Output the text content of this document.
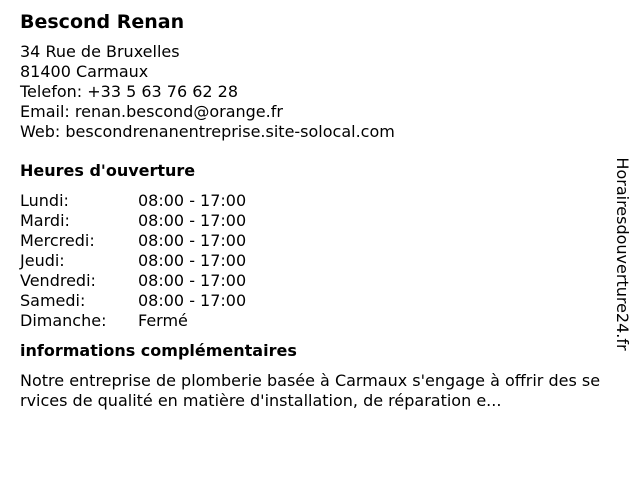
Bescond Renan
34 Rue de Bruxelles
81400 Carmaux
Telefon: +33 5 63 76 62 28
Email: renan.bescond@orange.fr
Web: bescondrenanentreprise.site-solocal.com
Heures d'ouverture
Lundi:	08:00 - 17:00
Mardi:	08:00 - 17:00
Mercredi:	08:00 - 17:00
Jeudi:	08:00 - 17:00
Vendredi:	08:00 - 17:00
Samedi:	08:00 - 17:00
Dimanche:	Fermé
informations complémentaires
Notre entreprise de plomberie basée à Carmaux s'engage à offrir des services de qualité en matière d'installation, de réparation e...
Horairesdouverture24.fr
